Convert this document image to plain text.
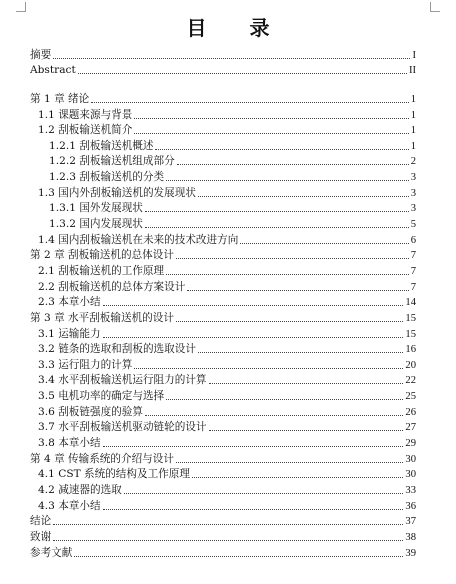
目 录
摘要	I
Abstract	II
第 1 章 绪论	1
1.1 课题来源与背景	1
1.2 刮板输送机简介	1
1.2.1 刮板输送机概述	1
1.2.2 刮板输送机组成部分	2
1.2.3 刮板输送机的分类	3
1.3 国内外刮板输送机的发展现状	3
1.3.1 国外发展现状	3
1.3.2 国内发展现状	5
1.4 国内刮板输送机在未来的技术改进方向	6
第 2 章 刮板输送机的总体设计	7
2.1 刮板输送机的工作原理	7
2.2 刮板输送机的总体方案设计	7
2.3 本章小结	14
第 3 章 水平刮板输送机的设计	15
3.1 运输能力	15
3.2 链条的选取和刮板的选取设计	16
3.3 运行阻力的计算	20
3.4 水平刮板输送机运行阻力的计算	22
3.5 电机功率的确定与选择	25
3.6 刮板链强度的验算	26
3.7 水平刮板输送机驱动链轮的设计	27
3.8 本章小结	29
第 4 章 传输系统的介绍与设计	30
4.1 CST 系统的结构及工作原理	30
4.2 减速器的选取	33
4.3 本章小结	36
结论	37
致谢	38
参考文献	39
